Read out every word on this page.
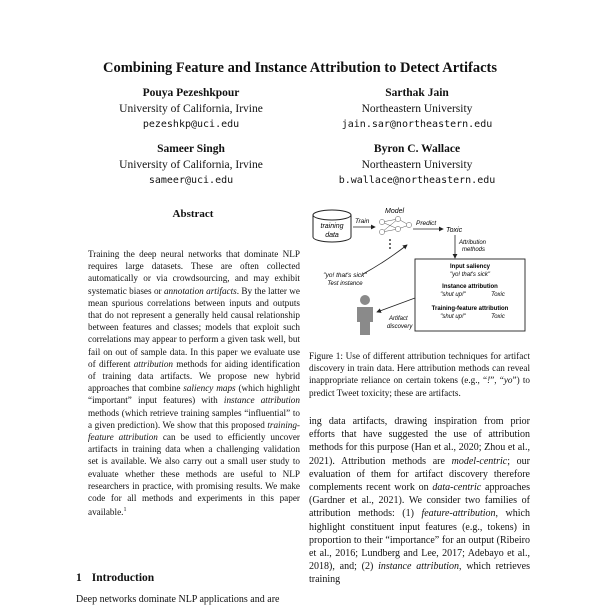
Combining Feature and Instance Attribution to Detect Artifacts
Pouya Pezeshkpour
University of California, Irvine
pezeshkp@uci.edu
Sarthak Jain
Northeastern University
jain.sar@northeastern.edu
Sameer Singh
University of California, Irvine
sameer@uci.edu
Byron C. Wallace
Northeastern University
b.wallace@northeastern.edu
Abstract
Training the deep neural networks that dominate NLP requires large datasets. These are often collected automatically or via crowdsourcing, and may exhibit systematic biases or annotation artifacts. By the latter we mean spurious correlations between inputs and outputs that do not represent a generally held causal relationship between features and classes; models that exploit such correlations may appear to perform a given task well, but fail on out of sample data. In this paper we evaluate use of different attribution methods for aiding identification of training data artifacts. We propose new hybrid approaches that combine saliency maps (which highlight “important” input features) with instance attribution methods (which retrieve training samples “influential” to a given prediction). We show that this proposed training-feature attribution can be used to efficiently uncover artifacts in training data when a challenging validation set is available. We also carry out a small user study to evaluate whether these methods are useful to NLP researchers in practice, with promising results. We make code for all methods and experiments in this paper available.$^1$
1 Introduction
Deep networks dominate NLP applications and are
training
data
Train
Model
Predict
Toxic
Attribution
methods
Input saliency
"yo! that's sick"
Instance attribution
"shut up!"	Toxic
Training-feature attribution
"shut up!"	Toxic
"yo! that's sick"
Test instance
Artifact
discovery
Figure 1: Use of different attribution techniques for artifact discovery in train data. Here attribution methods can reveal inappropriate reliance on certain tokens (e.g., “!”, “yo”) to predict Tweet toxicity; these are artifacts.
ing data artifacts, drawing inspiration from prior efforts that have suggested the use of attribution methods for this purpose (Han et al., 2020; Zhou et al., 2021). Attribution methods are model-centric; our evaluation of them for artifact discovery therefore complements recent work on data-centric approaches (Gardner et al., 2021). We consider two families of attribution methods: (1) feature-attribution, which highlight constituent input features (e.g., tokens) in proportion to their “importance” for an output (Ribeiro et al., 2016; Lundberg and Lee, 2017; Adebayo et al., 2018), and; (2) instance attribution, which retrieves training
